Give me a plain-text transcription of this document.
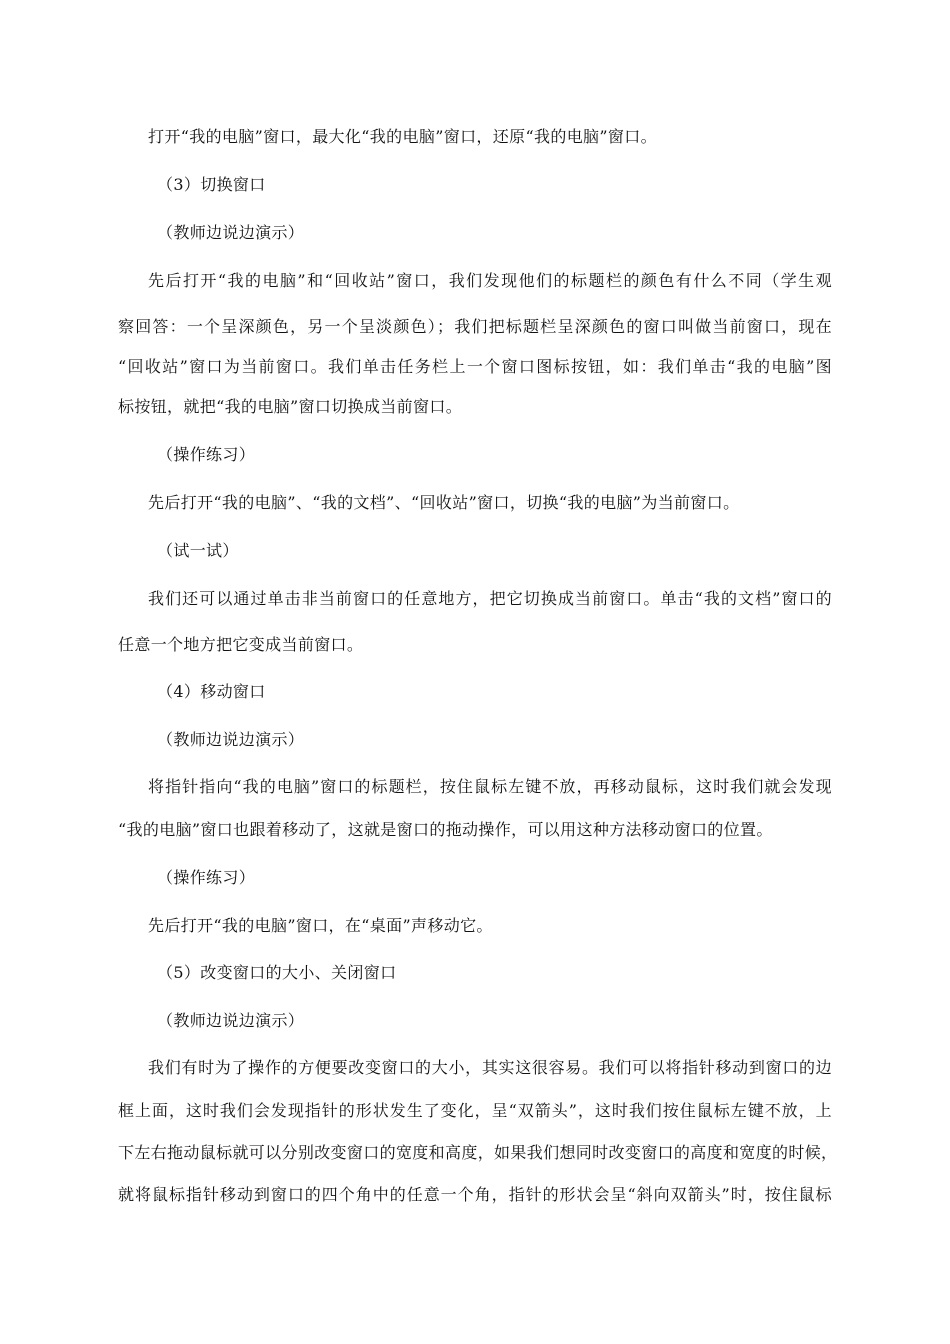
打开“我的电脑”窗口，最大化“我的电脑”窗口，还原“我的电脑”窗口。
（3）切换窗口
（教师边说边演示）
先后打开“我的电脑”和“回收站”窗口，我们发现他们的标题栏的颜色有什么不同（学生观
察回答：一个呈深颜色，另一个呈淡颜色）；我们把标题栏呈深颜色的窗口叫做当前窗口，现在
“回收站”窗口为当前窗口。我们单击任务栏上一个窗口图标按钮，如：我们单击“我的电脑”图
标按钮，就把“我的电脑”窗口切换成当前窗口。
（操作练习）
先后打开“我的电脑”、“我的文档”、“回收站”窗口，切换“我的电脑”为当前窗口。
（试一试）
我们还可以通过单击非当前窗口的任意地方，把它切换成当前窗口。单击“我的文档”窗口的
任意一个地方把它变成当前窗口。
（4）移动窗口
（教师边说边演示）
将指针指向“我的电脑”窗口的标题栏，按住鼠标左键不放，再移动鼠标，这时我们就会发现
“我的电脑”窗口也跟着移动了，这就是窗口的拖动操作，可以用这种方法移动窗口的位置。
（操作练习）
先后打开“我的电脑”窗口，在“桌面”声移动它。
（5）改变窗口的大小、关闭窗口
（教师边说边演示）
我们有时为了操作的方便要改变窗口的大小，其实这很容易。我们可以将指针移动到窗口的边
框上面，这时我们会发现指针的形状发生了变化，呈“双箭头”，这时我们按住鼠标左键不放，上
下左右拖动鼠标就可以分别改变窗口的宽度和高度，如果我们想同时改变窗口的高度和宽度的时候，
就将鼠标指针移动到窗口的四个角中的任意一个角，指针的形状会呈“斜向双箭头”时，按住鼠标
